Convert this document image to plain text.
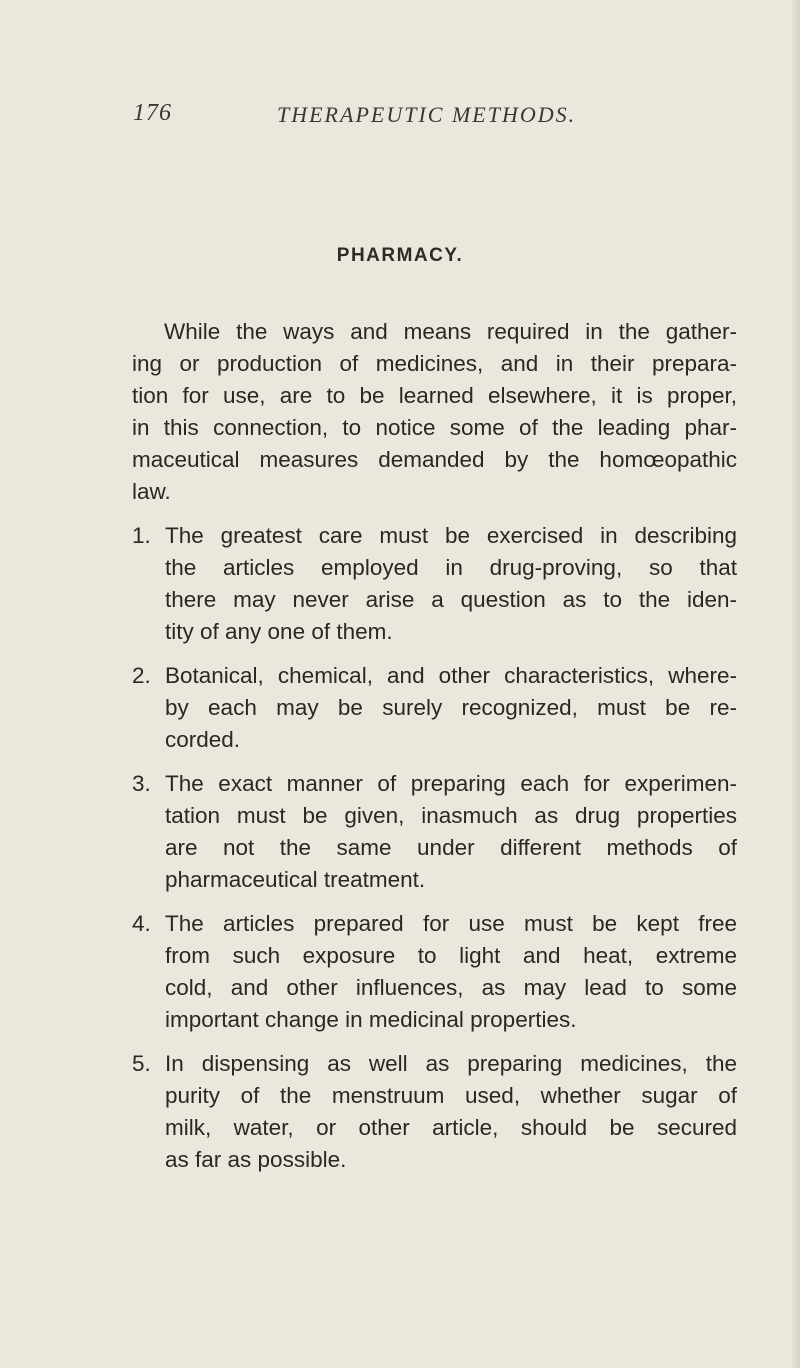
176	THERAPEUTIC METHODS.
PHARMACY.
While the ways and means required in the gather-
ing or production of medicines, and in their prepara-
tion for use, are to be learned elsewhere, it is proper,
in this connection, to notice some of the leading phar-
maceutical measures demanded by the homœopathic
law.
1. The greatest care must be exercised in describing
the articles employed in drug-proving, so that
there may never arise a question as to the iden-
tity of any one of them.
2. Botanical, chemical, and other characteristics, where-
by each may be surely recognized, must be re-
corded.
3. The exact manner of preparing each for experimen-
tation must be given, inasmuch as drug properties
are not the same under different methods of
pharmaceutical treatment.
4. The articles prepared for use must be kept free
from such exposure to light and heat, extreme
cold, and other influences, as may lead to some
important change in medicinal properties.
5. In dispensing as well as preparing medicines, the
purity of the menstruum used, whether sugar of
milk, water, or other article, should be secured
as far as possible.
